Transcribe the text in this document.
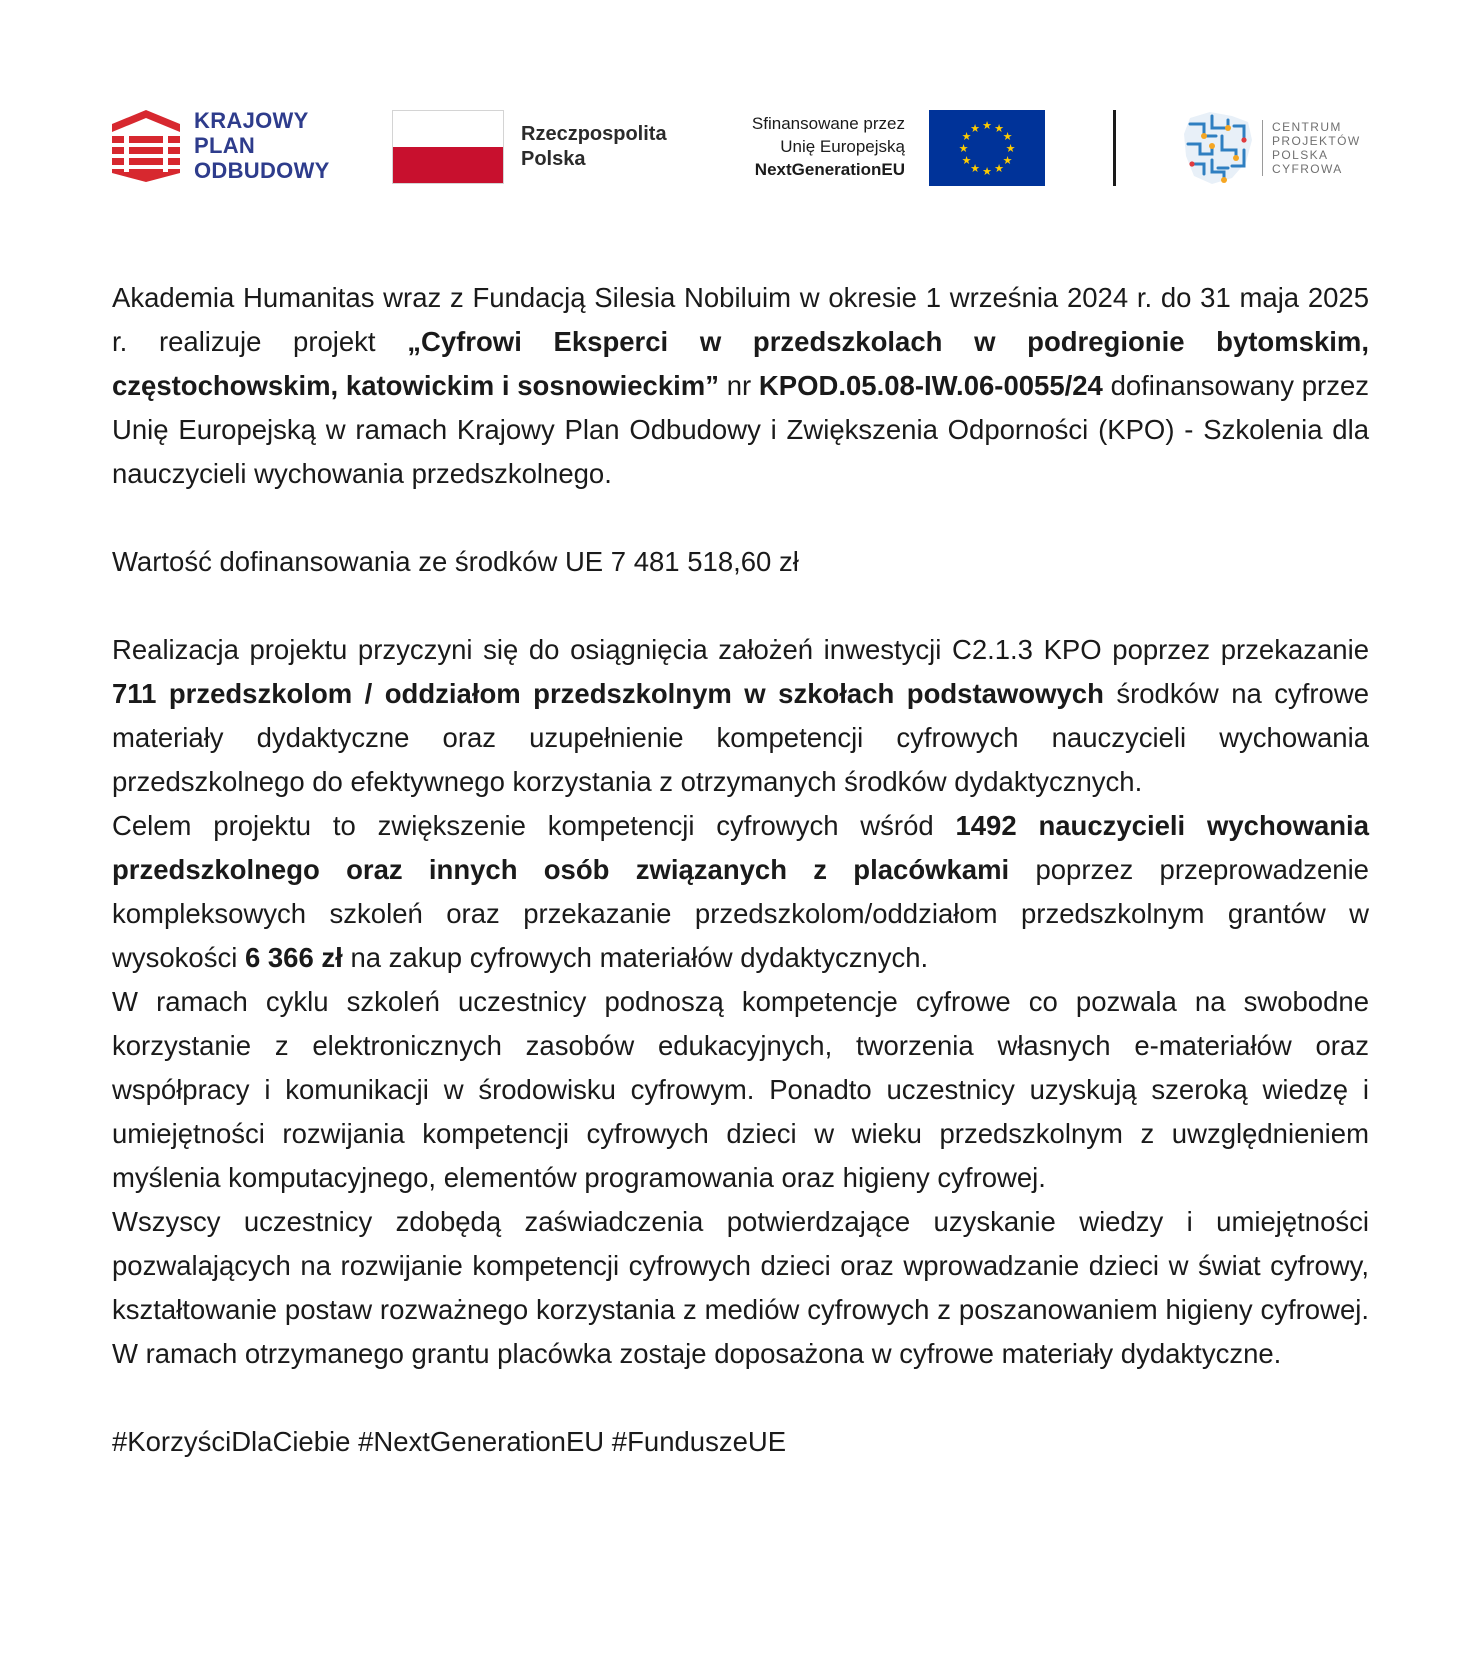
KRAJOWY
PLAN
ODBUDOWY
Rzeczpospolita
Polska
Sfinansowane przez
Unię Europejską
NextGenerationEU
★ ★
★
★
★
★
★
★
★
★
★
★	CENTRUM
PROJEKTÓW
POLSKA
CYFROWA

Akademia Humanitas wraz z Fundacją Silesia Nobiluim w okresie 1 września 2024 r. do 31 maja 2025 r. realizuje projekt „Cyfrowi Eksperci w przedszkolach w podregionie bytomskim, częstochowskim, katowickim i sosnowieckim” nr KPOD.05.08-IW.06-0055/24 dofinansowany przez Unię Europejską w ramach Krajowy Plan Odbudowy i Zwiększenia Odporności (KPO) - Szkolenia dla nauczycieli wychowania przedszkolnego.

Wartość dofinansowania ze środków UE 7 481 518,60 zł

Realizacja projektu przyczyni się do osiągnięcia założeń inwestycji C2.1.3 KPO poprzez przekazanie 711 przedszkolom / oddziałom przedszkolnym w szkołach podstawowych środków na cyfrowe materiały dydaktyczne oraz uzupełnienie kompetencji cyfrowych nauczycieli wychowania przedszkolnego do efektywnego korzystania z otrzymanych środków dydaktycznych.

Celem projektu to zwiększenie kompetencji cyfrowych wśród 1492 nauczycieli wychowania przedszkolnego oraz innych osób związanych z placówkami poprzez przeprowadzenie kompleksowych szkoleń oraz przekazanie przedszkolom/oddziałom przedszkolnym grantów w wysokości 6 366 zł na zakup cyfrowych materiałów dydaktycznych.

W ramach cyklu szkoleń uczestnicy podnoszą kompetencje cyfrowe co pozwala na swobodne korzystanie z elektronicznych zasobów edukacyjnych, tworzenia własnych e-materiałów oraz współpracy i komunikacji w środowisku cyfrowym. Ponadto uczestnicy uzyskują szeroką wiedzę i umiejętności rozwijania kompetencji cyfrowych dzieci w wieku przedszkolnym z uwzględnieniem myślenia komputacyjnego, elementów programowania oraz higieny cyfrowej.

Wszyscy uczestnicy zdobędą zaświadczenia potwierdzające uzyskanie wiedzy i umiejętności pozwalających na rozwijanie kompetencji cyfrowych dzieci oraz wprowadzanie dzieci w świat cyfrowy, kształtowanie postaw rozważnego korzystania z mediów cyfrowych z poszanowaniem higieny cyfrowej. W ramach otrzymanego grantu placówka zostaje doposażona w cyfrowe materiały dydaktyczne.

#KorzyściDlaCiebie #NextGenerationEU #FunduszeUE
